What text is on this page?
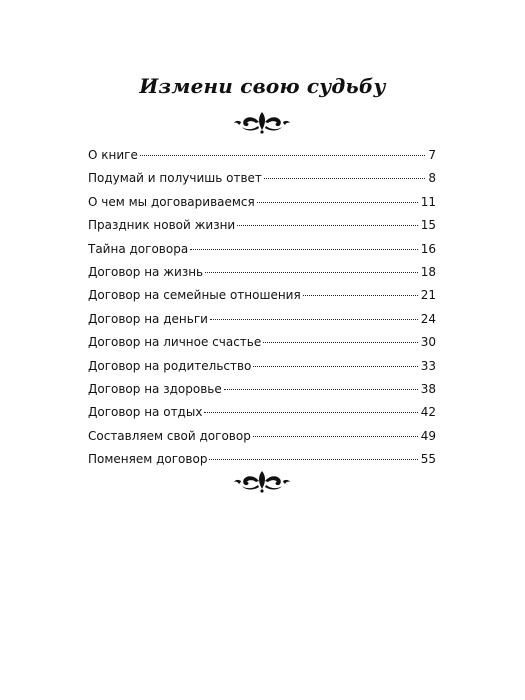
Измени свою судьбу
О книге	7
Подумай и получишь ответ	8
О чем мы договариваемся	11
Праздник новой жизни	15
Тайна договора	16
Договор на жизнь	18
Договор на семейные отношения	21
Договор на деньги	24
Договор на личное счастье	30
Договор на родительство	33
Договор на здоровье	38
Договор на отдых	42
Составляем свой договор	49
Поменяем договор	55
